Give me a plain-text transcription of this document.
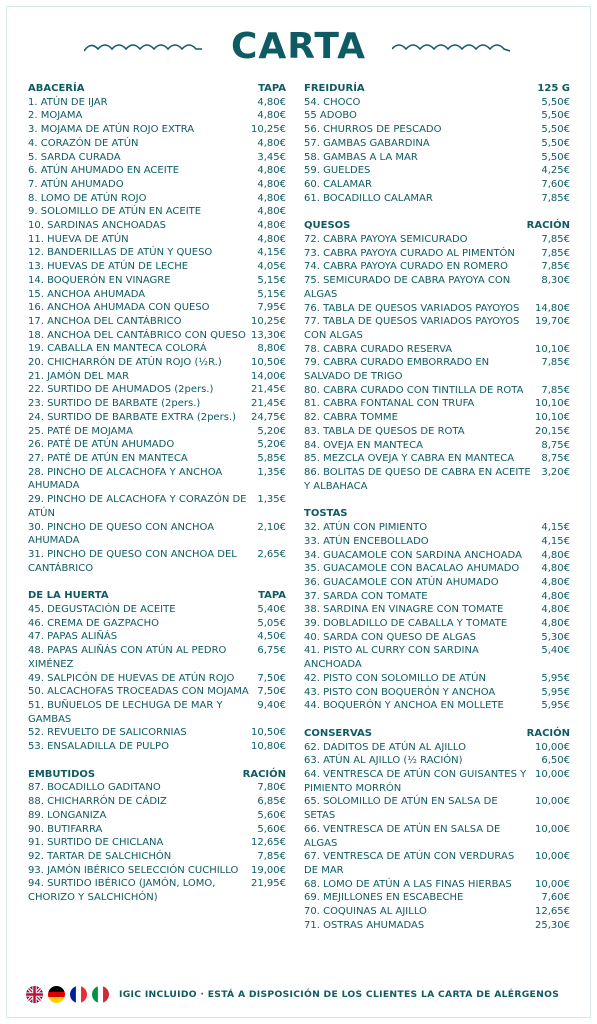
CARTA
ABACERÍA	TAPA
1. ATÚN DE IJAR	4,80€
2. MOJAMA	4,80€
3. MOJAMA DE ATÚN ROJO EXTRA	10,25€
4. CORAZÓN DE ATÚN	4,80€
5. SARDA CURADA	3,45€
6. ATÚN AHUMADO EN ACEITE	4,80€
7. ATÚN AHUMADO	4,80€
8. LOMO DE ATÚN ROJO	4,80€
9. SOLOMILLO DE ATÚN EN ACEITE	4,80€
10. SARDINAS ANCHOADAS	4,80€
11. HUEVA DE ATÚN	4,80€
12. BANDERILLAS DE ATÚN Y QUESO	4,15€
13. HUEVAS DE ATÚN DE LECHE	4,05€
14. BOQUERÓN EN VINAGRE	5,15€
15. ANCHOA AHUMADA	5,15€
16. ANCHOA AHUMADA CON QUESO	7,95€
17. ANCHOA DEL CANTÁBRICO	10,25€
18. ANCHOA DEL CANTÁBRICO CON QUESO 13,30€
19. CABALLA EN MANTECA COLORÁ	8,80€
20. CHICHARRÓN DE ATÚN ROJO (½R.)	10,50€
21. JAMÓN DEL MAR	14,00€
22. SURTIDO DE AHUMADOS (2pers.)	21,45€
23. SURTIDO DE BARBATE (2pers.)	21,45€
24. SURTIDO DE BARBATE EXTRA (2pers.)	24,75€
25. PATÉ DE MOJAMA	5,20€
26. PATÉ DE ATÚN AHUMADO	5,20€
27. PATÉ DE ATÚN EN MANTECA	5,85€
28. PINCHO DE ALCACHOFA Y ANCHOA AHUMADA
1,35€
29. PINCHO DE ALCACHOFA Y CORAZÓN DE ATÚN
1,35€
30. PINCHO DE QUESO CON ANCHOA AHUMADA
2,10€
31. PINCHO DE QUESO CON ANCHOA DEL CANTÁBRICO
2,65€
DE LA HUERTA	TAPA
45. DEGUSTACIÓN DE ACEITE	5,40€
46. CREMA DE GAZPACHO	5,05€
47. PAPAS ALIÑÁS	4,50€
48. PAPAS ALIÑÁS CON ATÚN AL PEDRO XIMÉNEZ
6,75€
49. SALPICÓN DE HUEVAS DE ATÚN ROJO	7,50€
50. ALCACHOFAS TROCEADAS CON MOJAMA 7,50€
51. BUÑUELOS DE LECHUGA DE MAR Y GAMBAS
9,40€
52. REVUELTO DE SALICORNIAS	10,50€
53. ENSALADILLA DE PULPO	10,80€
EMBUTIDOS	RACIÓN
87. BOCADILLO GADITANO	7,80€
88. CHICHARRÓN DE CÁDIZ	6,85€
89. LONGANIZA	5,60€
90. BUTIFARRA	5,60€
91. SURTIDO DE CHICLANA	12,65€
92. TARTAR DE SALCHICHÓN	7,85€
93. JAMÓN IBÉRICO SELECCIÓN CUCHILLO	19,00€
94. SURTIDO IBÉRICO (JAMÓN, LOMO, CHORIZO Y SALCHICHÓN)
21,95€
FREIDURÍA	125 G
54. CHOCO	5,50€
55 ADOBO	5,50€
56. CHURROS DE PESCADO	5,50€
57. GAMBAS GABARDINA	5,50€
58. GAMBAS A LA MAR	5,50€
59. GUELDES	4,25€
60. CALAMAR	7,60€
61. BOCADILLO CALAMAR	7,85€
QUESOS	RACIÓN
72. CABRA PAYOYA SEMICURADO	7,85€
73. CABRA PAYOYA CURADO AL PIMENTÓN	7,85€
74. CABRA PAYOYA CURADO EN ROMERO	7,85€
75. SEMICURADO DE CABRA PAYOYA CON ALGAS
8,30€
76. TABLA DE QUESOS VARIADOS PAYOYOS	14,80€
77. TABLA DE QUESOS VARIADOS PAYOYOS CON ALGAS
19,70€
78. CABRA CURADO RESERVA	10,10€
79. CABRA CURADO EMBORRADO EN SALVADO DE TRIGO
7,85€
80. CABRA CURADO CON TINTILLA DE ROTA	7,85€
81. CABRA FONTANAL CON TRUFA	10,10€
82. CABRA TOMME	10,10€
83. TABLA DE QUESOS DE ROTA	20,15€
84. OVEJA EN MANTECA	8,75€
85. MEZCLA OVEJA Y CABRA EN MANTECA	8,75€
86. BOLITAS DE QUESO DE CABRA EN ACEITE Y ALBAHACA
3,20€
TOSTAS
32. ATÚN CON PIMIENTO	4,15€
33. ATÚN ENCEBOLLADO	4,15€
34. GUACAMOLE CON SARDINA ANCHOADA	4,80€
35. GUACAMOLE CON BACALAO AHUMADO	4,80€
36. GUACAMOLE CON ATÚN AHUMADO	4,80€
37. SARDA CON TOMATE	4,80€
38. SARDINA EN VINAGRE CON TOMATE	4,80€
39. DOBLADILLO DE CABALLA Y TOMATE	4,80€
40. SARDA CON QUESO DE ALGAS	5,30€
41. PISTO AL CURRY CON SARDINA ANCHOADA
5,40€
42. PISTO CON SOLOMILLO DE ATÚN	5,95€
43. PISTO CON BOQUERÓN Y ANCHOA	5,95€
44. BOQUERÓN Y ANCHOA EN MOLLETE	5,95€
CONSERVAS	RACIÓN
62. DADITOS DE ATÚN AL AJILLO	10,00€
63. ATÚN AL AJILLO (½ RACIÓN)	6,50€
64. VENTRESCA DE ATÚN CON GUISANTES Y PIMIENTO MORRÓN
10,00€
65. SOLOMILLO DE ATÚN EN SALSA DE SETAS
10,00€
66. VENTRESCA DE ATÚN EN SALSA DE ALGAS
10,00€
67. VENTRESCA DE ATÚN CON VERDURAS DE MAR
10,00€
68. LOMO DE ATÚN A LAS FINAS HIERBAS	10,00€
69. MEJILLONES EN ESCABECHE	7,60€
70. COQUINAS AL AJILLO	12,65€
71. OSTRAS AHUMADAS	25,30€
IGIC INCLUIDO · ESTÁ A DISPOSICIÓN DE LOS CLIENTES LA CARTA DE ALÉRGENOS
